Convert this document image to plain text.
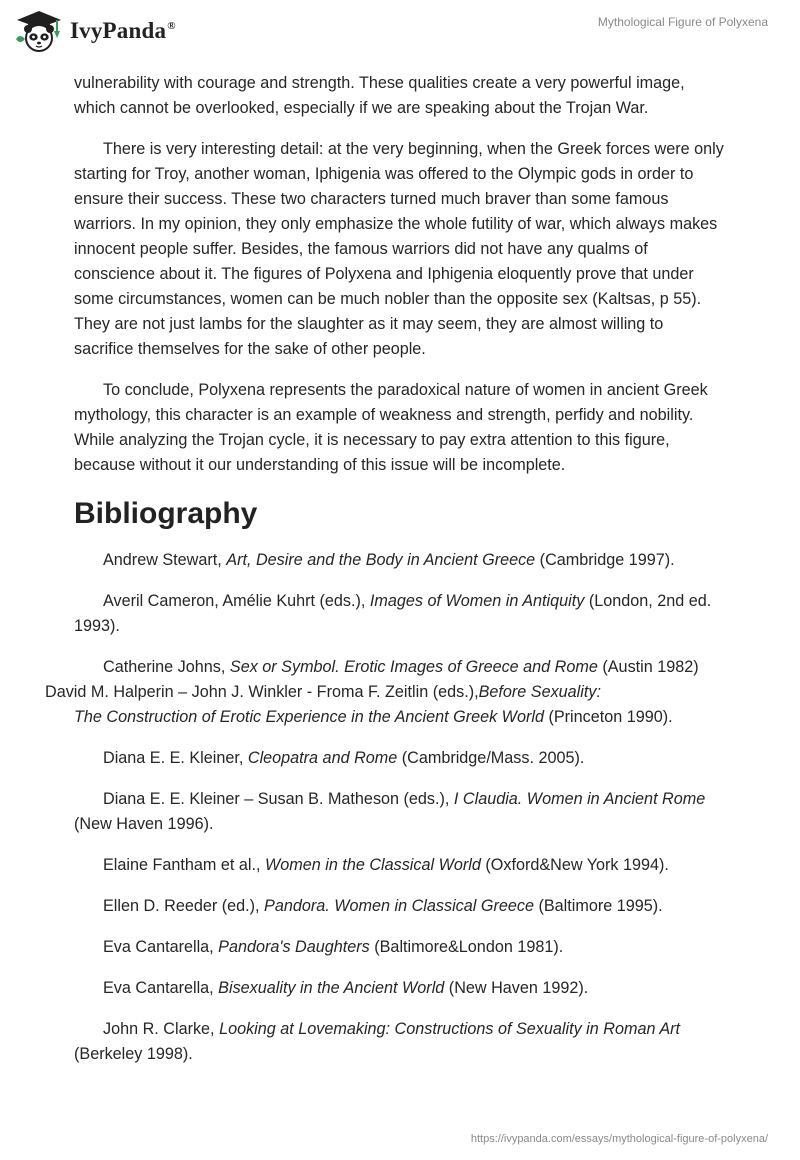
IvyPanda®	Mythological Figure of Polyxena

vulnerability with courage and strength. These qualities create a very powerful image, which cannot be overlooked, especially if we are speaking about the Trojan War.

There is very interesting detail: at the very beginning, when the Greek forces were only starting for Troy, another woman, Iphigenia was offered to the Olympic gods in order to ensure their success. These two characters turned much braver than some famous warriors. In my opinion, they only emphasize the whole futility of war, which always makes innocent people suffer. Besides, the famous warriors did not have any qualms of conscience about it. The figures of Polyxena and Iphigenia eloquently prove that under some circumstances, women can be much nobler than the opposite sex (Kaltsas, p 55). They are not just lambs for the slaughter as it may seem, they are almost willing to sacrifice themselves for the sake of other people.

To conclude, Polyxena represents the paradoxical nature of women in ancient Greek mythology, this character is an example of weakness and strength, perfidy and nobility. While analyzing the Trojan cycle, it is necessary to pay extra attention to this figure, because without it our understanding of this issue will be incomplete.

Bibliography

Andrew Stewart, Art, Desire and the Body in Ancient Greece (Cambridge 1997).

Averil Cameron, Amélie Kuhrt (eds.), Images of Women in Antiquity (London, 2nd ed. 1993).

Catherine Johns, Sex or Symbol. Erotic Images of Greece and Rome (Austin 1982)
David M. Halperin – John J. Winkler - Froma F. Zeitlin (eds.),Before Sexuality:
The Construction of Erotic Experience in the Ancient Greek World (Princeton 1990).

Diana E. E. Kleiner, Cleopatra and Rome (Cambridge/Mass. 2005).

Diana E. E. Kleiner – Susan B. Matheson (eds.), I Claudia. Women in Ancient Rome (New Haven 1996).

Elaine Fantham et al., Women in the Classical World (Oxford&New York 1994).

Ellen D. Reeder (ed.), Pandora. Women in Classical Greece (Baltimore 1995).

Eva Cantarella, Pandora's Daughters (Baltimore&London 1981).

Eva Cantarella, Bisexuality in the Ancient World (New Haven 1992).

John R. Clarke, Looking at Lovemaking: Constructions of Sexuality in Roman Art (Berkeley 1998).

https://ivypanda.com/essays/mythological-figure-of-polyxena/
